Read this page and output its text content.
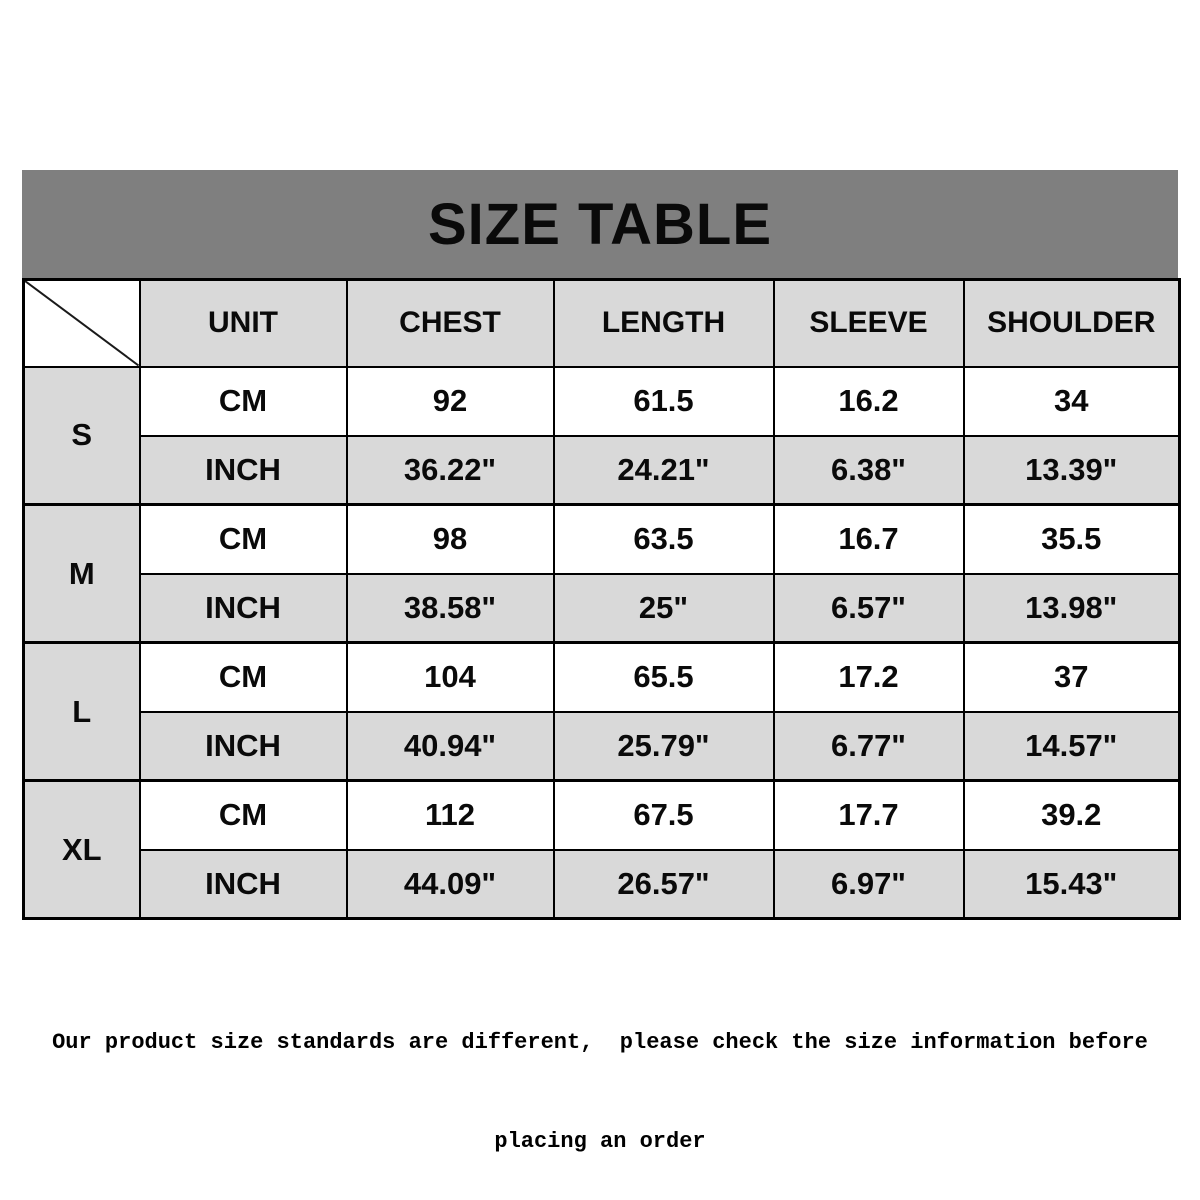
SIZE TABLE
	UNIT	CHEST	LENGTH	SLEEVE	SHOULDER
S	CM	92	61.5	16.2	34
	INCH	36.22"	24.21"	6.38"	13.39"
M	CM	98	63.5	16.7	35.5
	INCH	38.58"	25"	6.57"	13.98"
L	CM	104	65.5	17.2	37
	INCH	40.94"	25.79"	6.77"	14.57"
XL	CM	112	67.5	17.7	39.2
	INCH	44.09"	26.57"	6.97"	15.43"

Our product size standards are different,  please check the size information before

placing an order
